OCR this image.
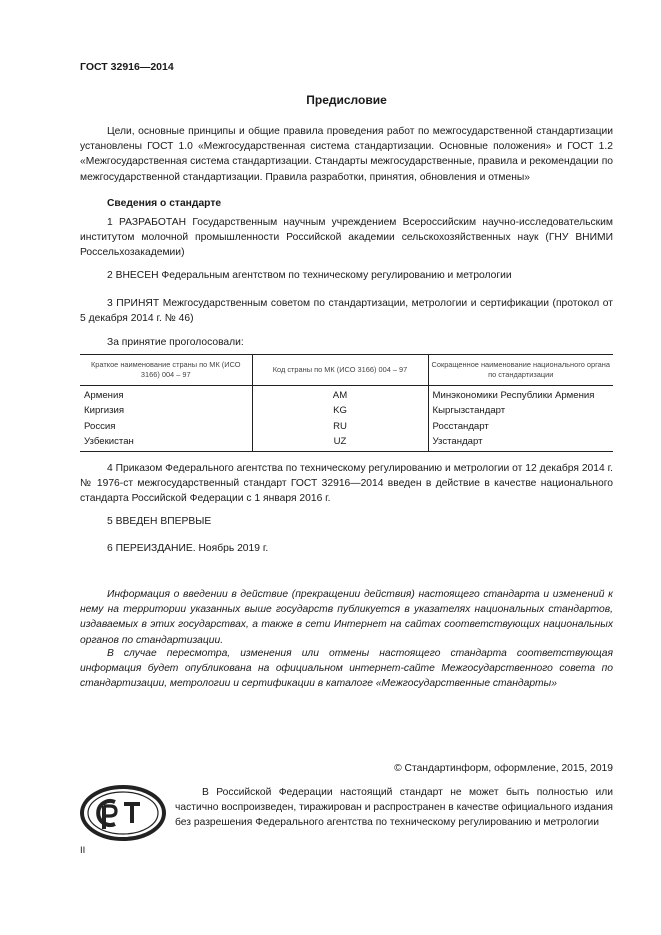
ГОСТ 32916—2014
Предисловие

Цели, основные принципы и общие правила проведения работ по межгосударственной стандартизации установлены ГОСТ 1.0 «Межгосударственная система стандартизации. Основные положения» и ГОСТ 1.2 «Межгосударственная система стандартизации. Стандарты межгосударственные, правила и рекомендации по межгосударственной стандартизации. Правила разработки, принятия, обновления и отмены»

Сведения о стандарте

1 РАЗРАБОТАН Государственным научным учреждением Всероссийским научно-исследовательским институтом молочной промышленности Российской академии сельскохозяйственных наук (ГНУ ВНИМИ Россельхозакадемии)

2 ВНЕСЕН Федеральным агентством по техническому регулированию и метрологии

3 ПРИНЯТ Межгосударственным советом по стандартизации, метрологии и сертификации (протокол от 5 декабря 2014 г. № 46)

За принятие проголосовали:

Краткое наименование страны по МК (ИСО 3166) 004 – 97	Код страны по МК (ИСО 3166) 004 – 97	Сокращенное наименование национального органа по стандартизации
Армения	AM	Минэкономики Республики Армения
Киргизия	KG	Кыргызстандарт
Россия	RU	Росстандарт
Узбекистан	UZ	Узстандарт

4 Приказом Федерального агентства по техническому регулированию и метрологии от 12 декабря 2014 г. № 1976-ст межгосударственный стандарт ГОСТ 32916—2014 введен в действие в качестве национального стандарта Российской Федерации с 1 января 2016 г.

5 ВВЕДЕН ВПЕРВЫЕ

6 ПЕРЕИЗДАНИЕ. Ноябрь 2019 г.

Информация о введении в действие (прекращении действия) настоящего стандарта и изменений к нему на территории указанных выше государств публикуется в указателях национальных стандартов, издаваемых в этих государствах, а также в сети Интернет на сайтах соответствующих национальных органов по стандартизации.

В случае пересмотра, изменения или отмены настоящего стандарта соответствующая информация будет опубликована на официальном интернет-сайте Межгосударственного совета по стандартизации, метрологии и сертификации в каталоге «Межгосударственные стандарты»

© Стандартинформ, оформление, 2015, 2019

В Российской Федерации настоящий стандарт не может быть полностью или частично воспроизведен, тиражирован и распространен в качестве официального издания без разрешения Федерального агентства по техническому регулированию и метрологии

II
